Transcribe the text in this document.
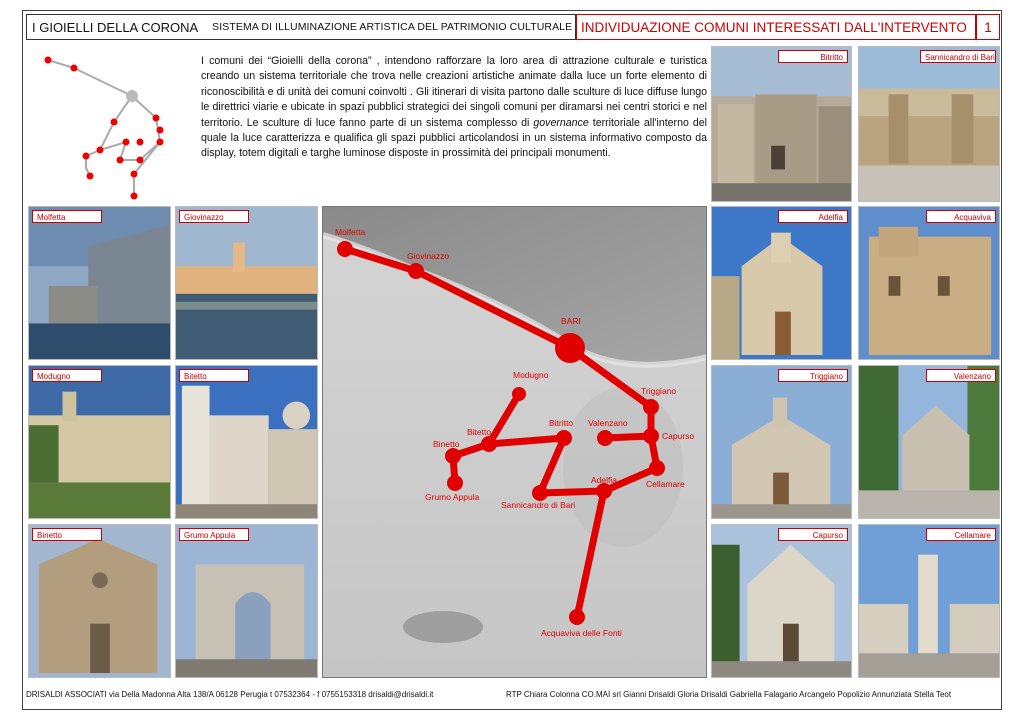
I GIOIELLI DELLA CORONA SISTEMA DI ILLUMINAZIONE ARTISTICA DEL PATRIMONIO CULTURALE INDIVIDUAZIONE COMUNI INTERESSATI DALL'INTERVENTO 1
I comuni dei “Gioielli della corona” , intendono rafforzare la loro area di attrazione culturale e turistica creando un sistema territoriale che trova nelle creazioni artistiche animate dalla luce un forte elemento di riconoscibilità e di unità dei comuni coinvolti . Gli itinerari di visita partono dalle sculture di luce diffuse lungo le direttrici viarie e ubicate in spazi pubblici strategici dei singoli comuni per diramarsi nei centri storici e nel territorio. Le sculture di luce fanno parte di un sistema complesso di governance territoriale all'interno del quale la luce caratterizza e qualifica gli spazi pubblici articolandosi in un sistema informativo composto da display, totem digitali e targhe luminose disposte in prossimità dei principali monumenti.
Bitritto	Sannicandro di Bari
Molfetta	Giovinazzo
Modugno	Bitetto
Binetto	Grumo Appula
Adelfia	Acquaviva
Triggiano	Valenzano
Capurso	Cellamare
Molfetta
Giovinazzo
BARI
Modugno
Triggiano
Bitritto Valenzano
Capurso
Bitetto
Binetto
Adelfia	Cellamare
Grumo Appula
Sannicandro di Bari
Acquaviva delle Fonti
DRISALDI ASSOCIATI via Della Madonna Alta 138/A 06128 Perugia t 07532364 - f 0755153318 drisaldi@drisaldi.it	RTP Chiara Colonna CO.MAI srl Gianni Drisaldi Gloria Drisaldi Gabriella Falagario Arcangelo Popolizio Annunziata Stella Teot
